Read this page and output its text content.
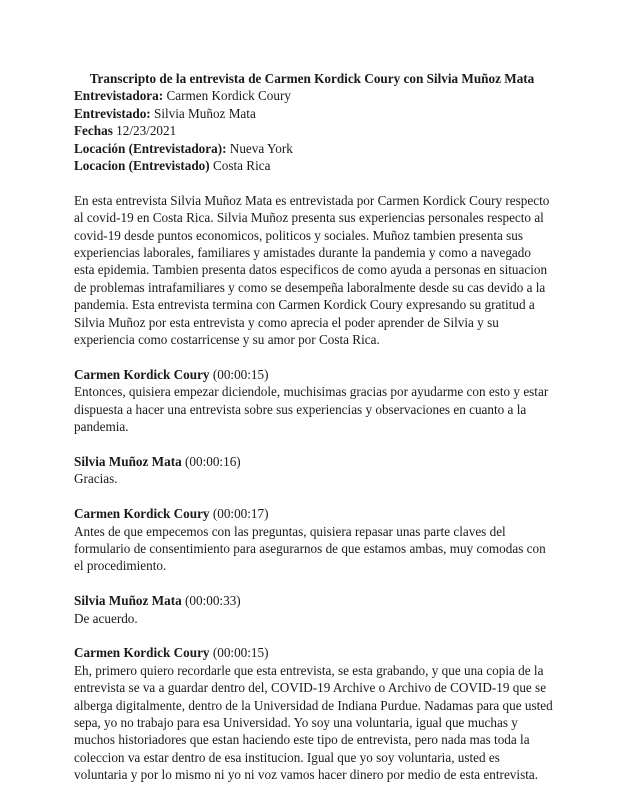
Transcripto de la entrevista de Carmen Kordick Coury con Silvia Muñoz Mata
Entrevistadora: Carmen Kordick Coury
Entrevistado: Silvia Muñoz Mata
Fechas 12/23/2021
Locación (Entrevistadora): Nueva York
Locacion (Entrevistado) Costa Rica

En esta entrevista Silvia Muñoz Mata es entrevistada por Carmen Kordick Coury respecto al covid-19 en Costa Rica. Silvia Muñoz presenta sus experiencias personales respecto al covid-19 desde puntos economicos, politicos y sociales. Muñoz tambien presenta sus experiencias laborales, familiares y amistades durante la pandemia y como a navegado esta epidemia. Tambien presenta datos especificos de como ayuda a personas en situacion de problemas intrafamiliares y como se desempeña laboralmente desde su cas devido a la pandemia. Esta entrevista termina con Carmen Kordick Coury expresando su gratitud a Silvia Muñoz por esta entrevista y como aprecia el poder aprender de Silvia y su experiencia como costarricense y su amor por Costa Rica.

Carmen Kordick Coury (00:00:15)

Entonces, quisiera empezar diciendole, muchisimas gracias por ayudarme con esto y estar dispuesta a hacer una entrevista sobre sus experiencias y observaciones en cuanto a la pandemia.

Silvia Muñoz Mata (00:00:16)

Gracias.

Carmen Kordick Coury (00:00:17)

Antes de que empecemos con las preguntas, quisiera repasar unas parte claves del formulario de consentimiento para asegurarnos de que estamos ambas, muy comodas con el procedimiento.

Silvia Muñoz Mata (00:00:33)

De acuerdo.

Carmen Kordick Coury (00:00:15)

Eh, primero quiero recordarle que esta entrevista, se esta grabando, y que una copia de la entrevista se va a guardar dentro del, COVID-19 Archive o Archivo de COVID-19 que se alberga digitalmente, dentro de la Universidad de Indiana Purdue. Nadamas para que usted sepa, yo no trabajo para esa Universidad. Yo soy una voluntaria, igual que muchas y muchos historiadores que estan haciendo este tipo de entrevista, pero nada mas toda la coleccion va estar dentro de esa institucion. Igual que yo soy voluntaria, usted es voluntaria y por lo mismo ni yo ni voz vamos hacer dinero por medio de esta entrevista.
